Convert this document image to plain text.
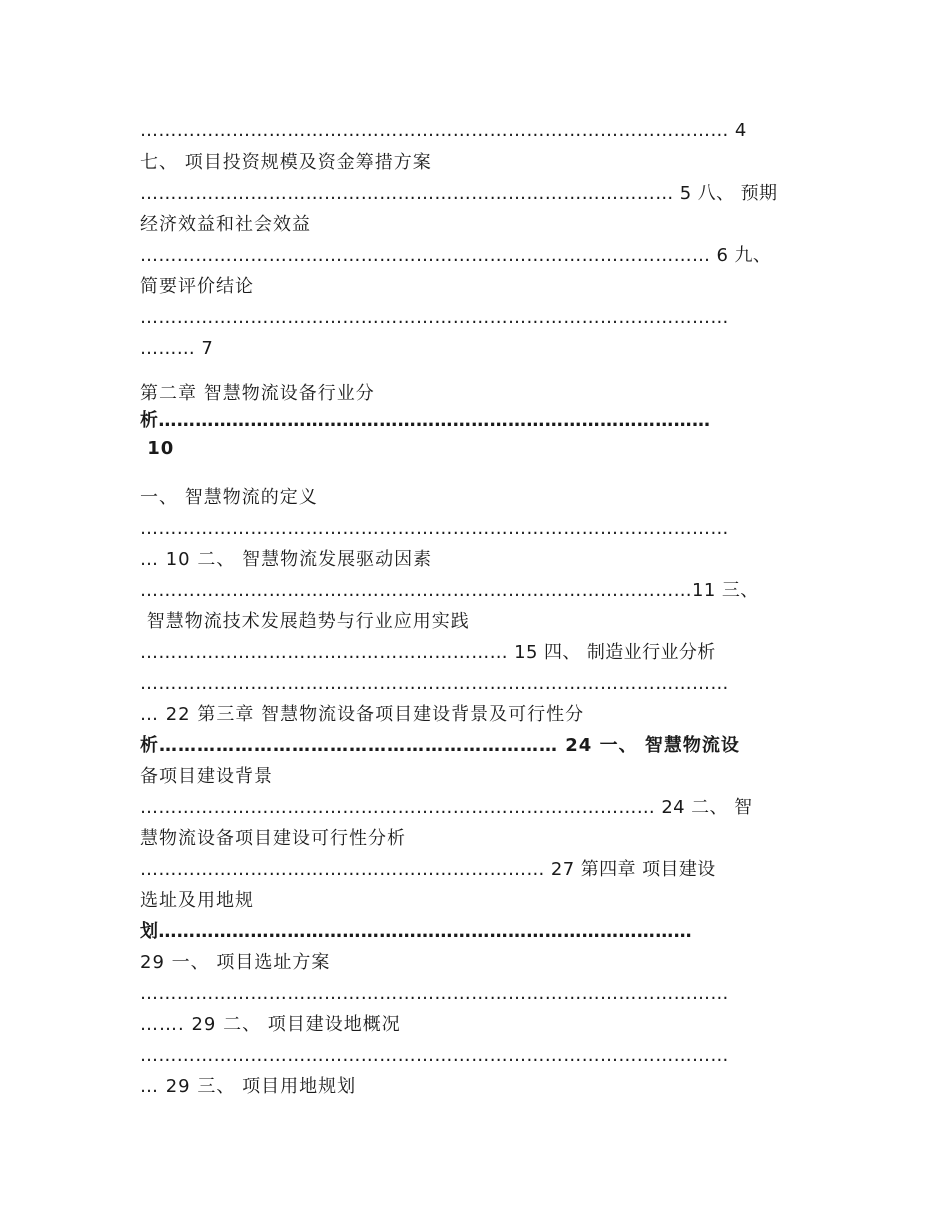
…………………………………………………………………………………… 4
七、 项目投资规模及资金筹措方案
…………………………………………………………………………… 5 八、 预期
经济效益和社会效益
………………………………………………………………………………… 6 九、
简要评价结论
……………………………………………………………………………………
……… 7
第二章 智慧物流设备行业分
析………………………………………………………………………………
10
一、 智慧物流的定义
……………………………………………………………………………………
… 10 二、 智慧物流发展驱动因素
………………………………………………………………………………11 三、
智慧物流技术发展趋势与行业应用实践
…………………………………………………… 15 四、 制造业行业分析
……………………………………………………………………………………
… 22 第三章 智慧物流设备项目建设背景及可行性分
析……………………………………………………… 24 一、 智慧物流设
备项目建设背景
………………………………………………………………………… 24 二、 智
慧物流设备项目建设可行性分析
………………………………………………………… 27 第四章 项目建设
选址及用地规
划……………………………………………………………………………
29 一、 项目选址方案
……………………………………………………………………………………
……. 29 二、 项目建设地概况
……………………………………………………………………………………
… 29 三、 项目用地规划
